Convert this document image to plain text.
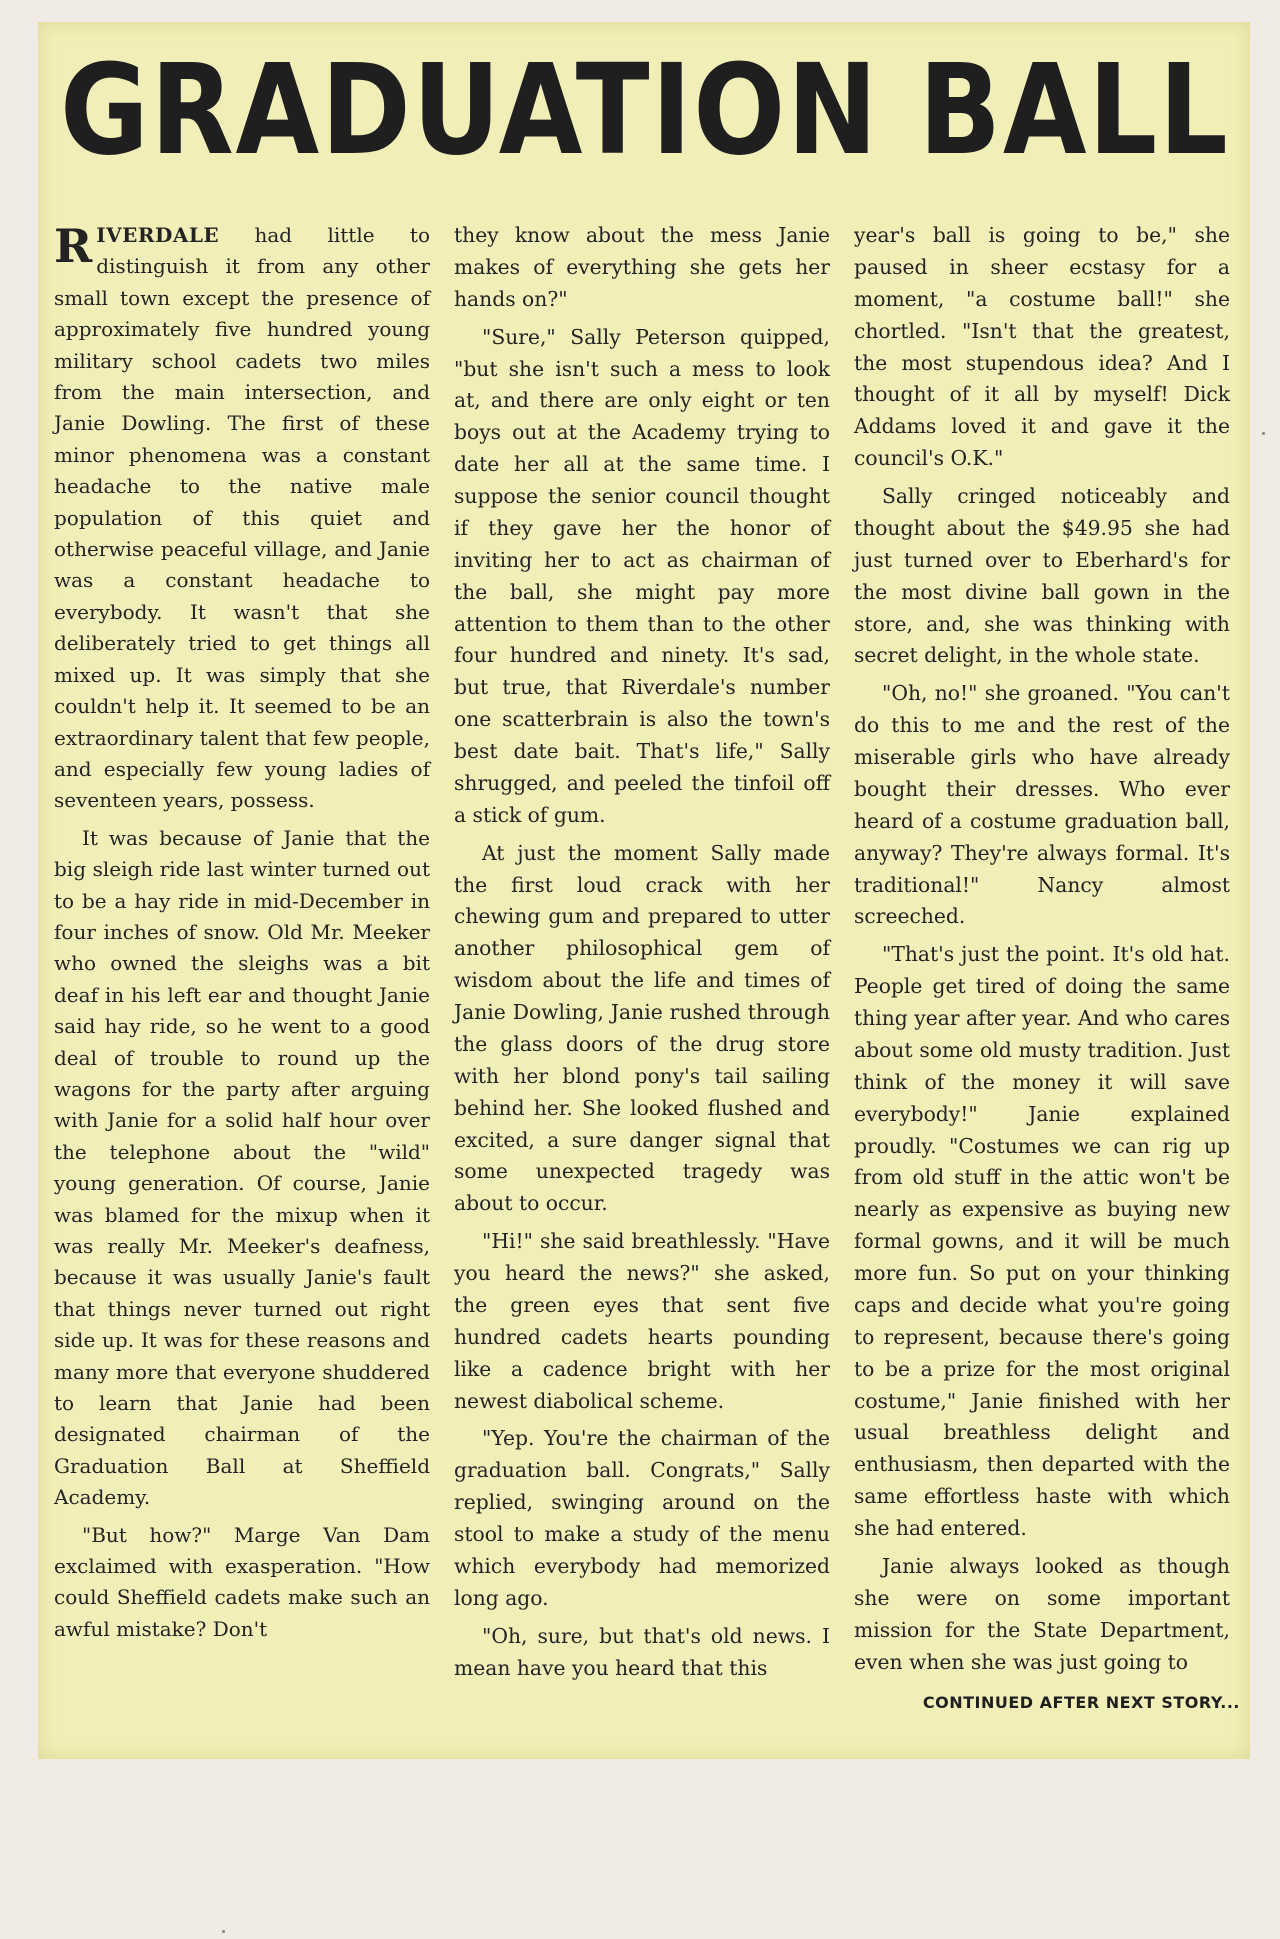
GRADUATION BALL

RIVERDALE had little to distinguish it from any other small town except the presence of approximately five hundred young military school cadets two miles from the main intersection, and Janie Dowling. The first of these minor phenomena was a constant headache to the native male population of this quiet and otherwise peaceful village, and Janie was a constant headache to everybody. It wasn't that she deliberately tried to get things all mixed up. It was simply that she couldn't help it. It seemed to be an extraordinary talent that few people, and especially few young ladies of seventeen years, possess.

It was because of Janie that the big sleigh ride last winter turned out to be a hay ride in mid-December in four inches of snow. Old Mr. Meeker who owned the sleighs was a bit deaf in his left ear and thought Janie said hay ride, so he went to a good deal of trouble to round up the wagons for the party after arguing with Janie for a solid half hour over the telephone about the "wild" young generation. Of course, Janie was blamed for the mixup when it was really Mr. Meeker's deafness, because it was usually Janie's fault that things never turned out right side up. It was for these reasons and many more that everyone shuddered to learn that Janie had been designated chairman of the Graduation Ball at Sheffield Academy.

"But how?" Marge Van Dam exclaimed with exasperation. "How could Sheffield cadets make such an awful mistake? Don't

they know about the mess Janie makes of everything she gets her hands on?"

"Sure," Sally Peterson quipped, "but she isn't such a mess to look at, and there are only eight or ten boys out at the Academy trying to date her all at the same time. I suppose the senior council thought if they gave her the honor of inviting her to act as chairman of the ball, she might pay more attention to them than to the other four hundred and ninety. It's sad, but true, that Riverdale's number one scatterbrain is also the town's best date bait. That's life," Sally shrugged, and peeled the tinfoil off a stick of gum.

At just the moment Sally made the first loud crack with her chewing gum and prepared to utter another philosophical gem of wisdom about the life and times of Janie Dowling, Janie rushed through the glass doors of the drug store with her blond pony's tail sailing behind her. She looked flushed and excited, a sure danger signal that some unexpected tragedy was about to occur.

"Hi!" she said breathlessly. "Have you heard the news?" she asked, the green eyes that sent five hundred cadets hearts pounding like a cadence bright with her newest diabolical scheme.

"Yep. You're the chairman of the graduation ball. Congrats," Sally replied, swinging around on the stool to make a study of the menu which everybody had memorized long ago.

"Oh, sure, but that's old news. I mean have you heard that this

year's ball is going to be," she paused in sheer ecstasy for a moment, "a costume ball!" she chortled. "Isn't that the greatest, the most stupendous idea? And I thought of it all by myself! Dick Addams loved it and gave it the council's O.K."

Sally cringed noticeably and thought about the $49.95 she had just turned over to Eberhard's for the most divine ball gown in the store, and, she was thinking with secret delight, in the whole state.

"Oh, no!" she groaned. "You can't do this to me and the rest of the miserable girls who have already bought their dresses. Who ever heard of a costume graduation ball, anyway? They're always formal. It's traditional!" Nancy almost screeched.

"That's just the point. It's old hat. People get tired of doing the same thing year after year. And who cares about some old musty tradition. Just think of the money it will save everybody!" Janie explained proudly. "Costumes we can rig up from old stuff in the attic won't be nearly as expensive as buying new formal gowns, and it will be much more fun. So put on your thinking caps and decide what you're going to represent, because there's going to be a prize for the most original costume," Janie finished with her usual breathless delight and enthusiasm, then departed with the same effortless haste with which she had entered.

Janie always looked as though she were on some important mission for the State Department, even when she was just going to

CONTINUED AFTER NEXT STORY...
